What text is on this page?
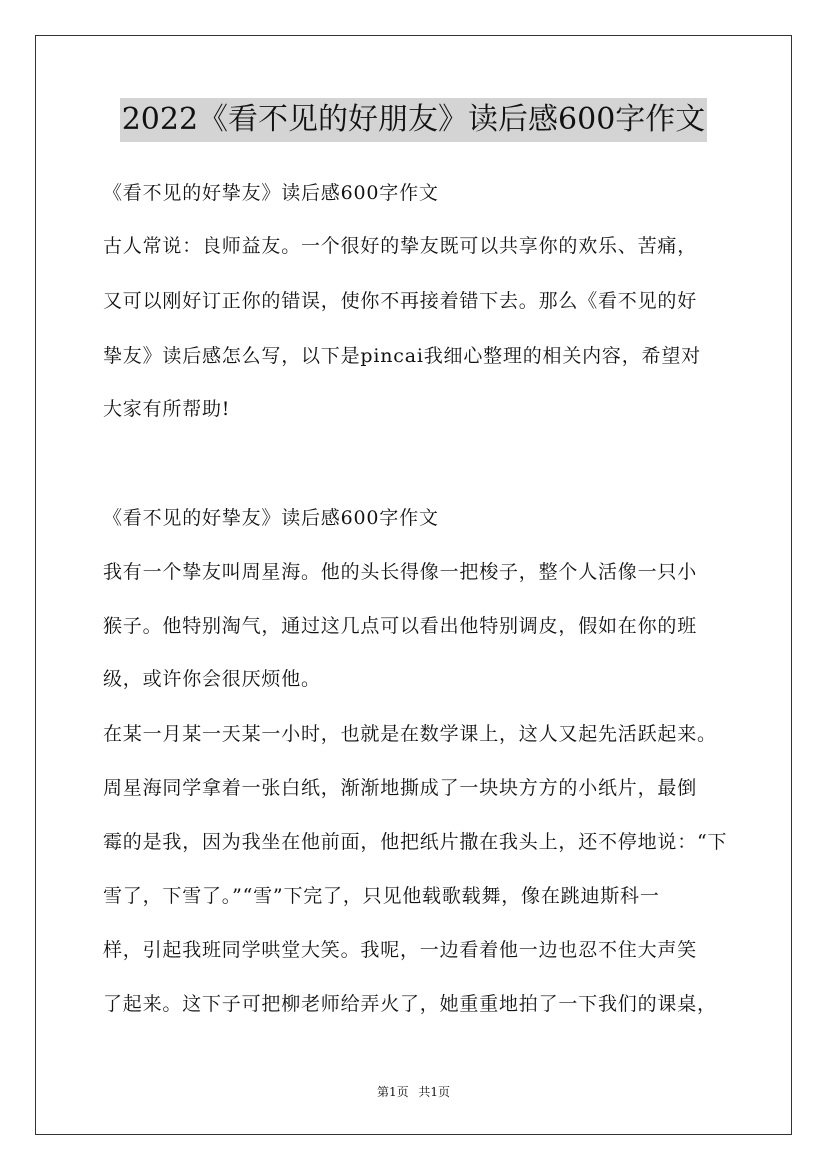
2022《看不见的好朋友》读后感600字作文
《看不见的好挚友》读后感600字作文
古人常说：良师益友。一个很好的挚友既可以共享你的欢乐、苦痛，
又可以刚好订正你的错误，使你不再接着错下去。那么《看不见的好
挚友》读后感怎么写，以下是pincai我细心整理的相关内容，希望对
大家有所帮助!
《看不见的好挚友》读后感600字作文
我有一个挚友叫周星海。他的头长得像一把梭子，整个人活像一只小
猴子。他特别淘气，通过这几点可以看出他特别调皮，假如在你的班
级，或许你会很厌烦他。
在某一月某一天某一小时，也就是在数学课上，这人又起先活跃起来。
周星海同学拿着一张白纸，渐渐地撕成了一块块方方的小纸片，最倒
霉的是我，因为我坐在他前面，他把纸片撒在我头上，还不停地说：“下
雪了，下雪了。”“雪”下完了，只见他载歌载舞，像在跳迪斯科一
样，引起我班同学哄堂大笑。我呢，一边看着他一边也忍不住大声笑
了起来。这下子可把柳老师给弄火了，她重重地拍了一下我们的课桌，
第1页 共1页
